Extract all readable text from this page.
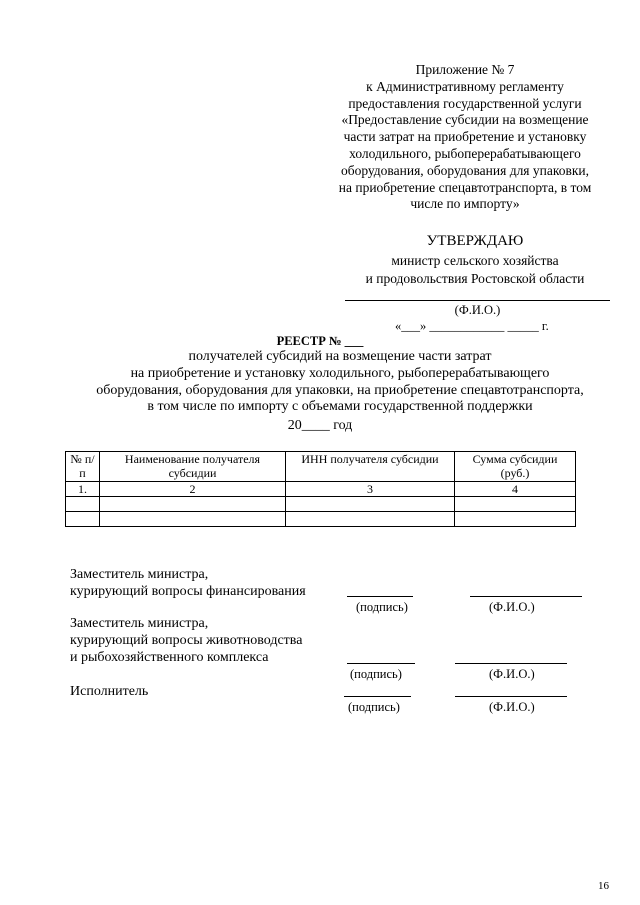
Приложение № 7
к Административному регламенту
предоставления государственной услуги
«Предоставление субсидии на возмещение
части затрат на приобретение и установку
холодильного, рыбоперерабатывающего
оборудования, оборудования для упаковки,
на приобретение спецавтотранспорта, в том
числе по импорту»
УТВЕРЖДАЮ
министр сельского хозяйства
и продовольствия Ростовской области
(Ф.И.О.)
«___» ____________ _____ г.
РЕЕСТР № ___
получателей субсидий на возмещение части затрат
на приобретение и установку холодильного, рыбоперерабатывающего
оборудования, оборудования для упаковки, на приобретение спецавтотранспорта,
в том числе по импорту с объемами государственной поддержки
20____ год
№ п/п	Наименование получателя субсидии	ИНН получателя субсидии	Сумма субсидии (руб.)
1.	2	3	4

Заместитель министра,
курирующий вопросы финансирования
(подпись)	(Ф.И.О.)
Заместитель министра,
курирующий вопросы животноводства
и рыбохозяйственного комплекса
(подпись)	(Ф.И.О.)
Исполнитель
(подпись)	(Ф.И.О.)
16
